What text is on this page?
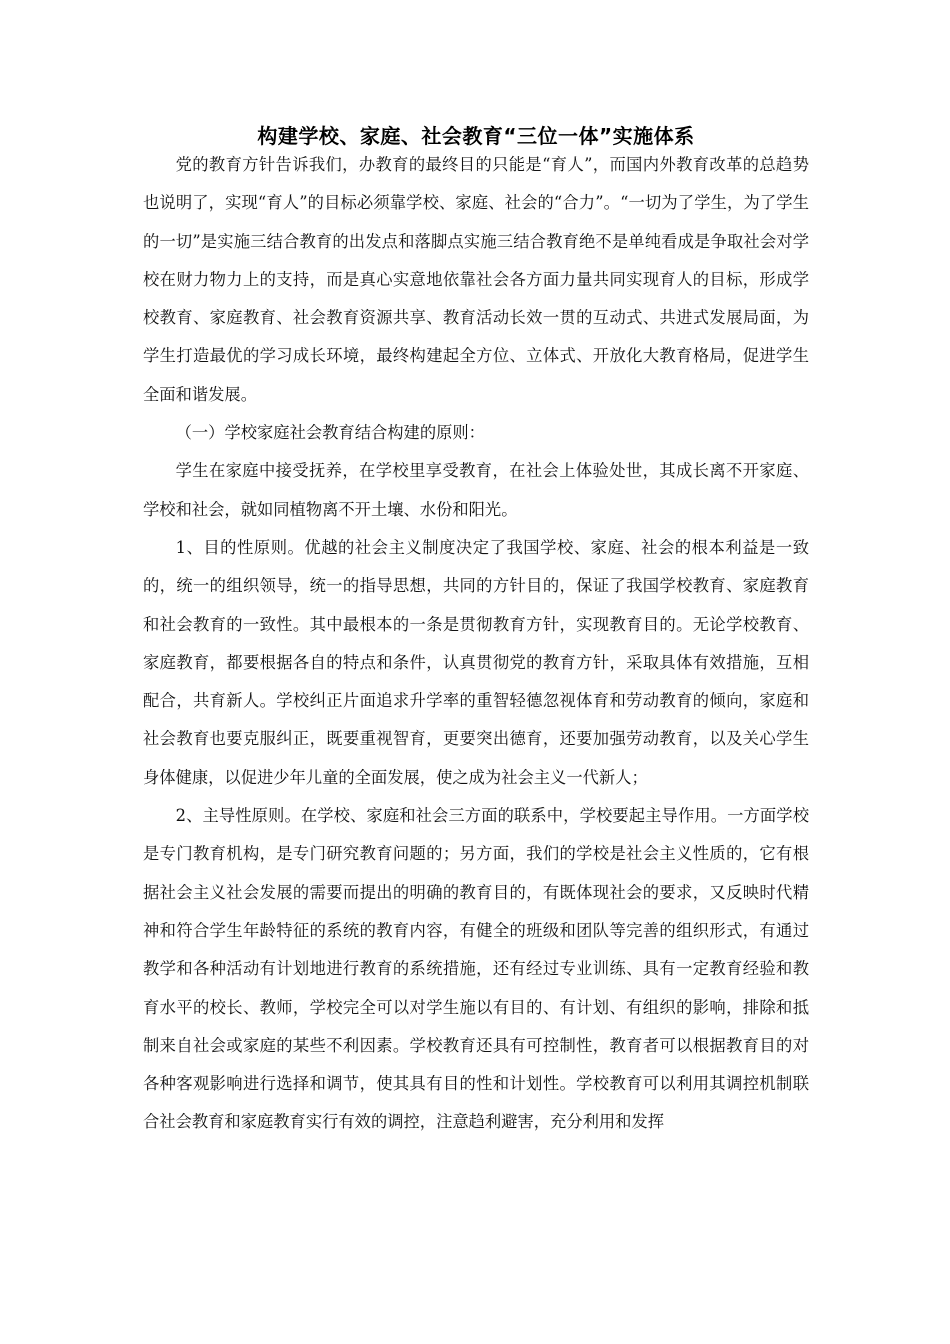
构建学校、家庭、社会教育“三位一体”实施体系

党的教育方针告诉我们，办教育的最终目的只能是“育人”，而国内外教育改革的总趋势也说明了，实现“育人”的目标必须靠学校、家庭、社会的“合力”。“一切为了学生，为了学生的一切”是实施三结合教育的出发点和落脚点实施三结合教育绝不是单纯看成是争取社会对学校在财力物力上的支持，而是真心实意地依靠社会各方面力量共同实现育人的目标，形成学校教育、家庭教育、社会教育资源共享、教育活动长效一贯的互动式、共进式发展局面，为学生打造最优的学习成长环境，最终构建起全方位、立体式、开放化大教育格局，促进学生全面和谐发展。

（一）学校家庭社会教育结合构建的原则：

学生在家庭中接受抚养，在学校里享受教育，在社会上体验处世，其成长离不开家庭、学校和社会，就如同植物离不开土壤、水份和阳光。

1、目的性原则。优越的社会主义制度决定了我国学校、家庭、社会的根本利益是一致的，统一的组织领导，统一的指导思想，共同的方针目的，保证了我国学校教育、家庭教育和社会教育的一致性。其中最根本的一条是贯彻教育方针，实现教育目的。无论学校教育、家庭教育，都要根据各自的特点和条件，认真贯彻党的教育方针，采取具体有效措施，互相配合，共育新人。学校纠正片面追求升学率的重智轻德忽视体育和劳动教育的倾向，家庭和社会教育也要克服纠正，既要重视智育，更要突出德育，还要加强劳动教育，以及关心学生身体健康，以促进少年儿童的全面发展，使之成为社会主义一代新人；

2、主导性原则。在学校、家庭和社会三方面的联系中，学校要起主导作用。一方面学校是专门教育机构，是专门研究教育问题的；另方面，我们的学校是社会主义性质的，它有根据社会主义社会发展的需要而提出的明确的教育目的，有既体现社会的要求，又反映时代精神和符合学生年龄特征的系统的教育内容，有健全的班级和团队等完善的组织形式，有通过教学和各种活动有计划地进行教育的系统措施，还有经过专业训练、具有一定教育经验和教育水平的校长、教师，学校完全可以对学生施以有目的、有计划、有组织的影响，排除和抵制来自社会或家庭的某些不利因素。学校教育还具有可控制性，教育者可以根据教育目的对各种客观影响进行选择和调节，使其具有目的性和计划性。学校教育可以利用其调控机制联合社会教育和家庭教育实行有效的调控，注意趋利避害，充分利用和发挥
